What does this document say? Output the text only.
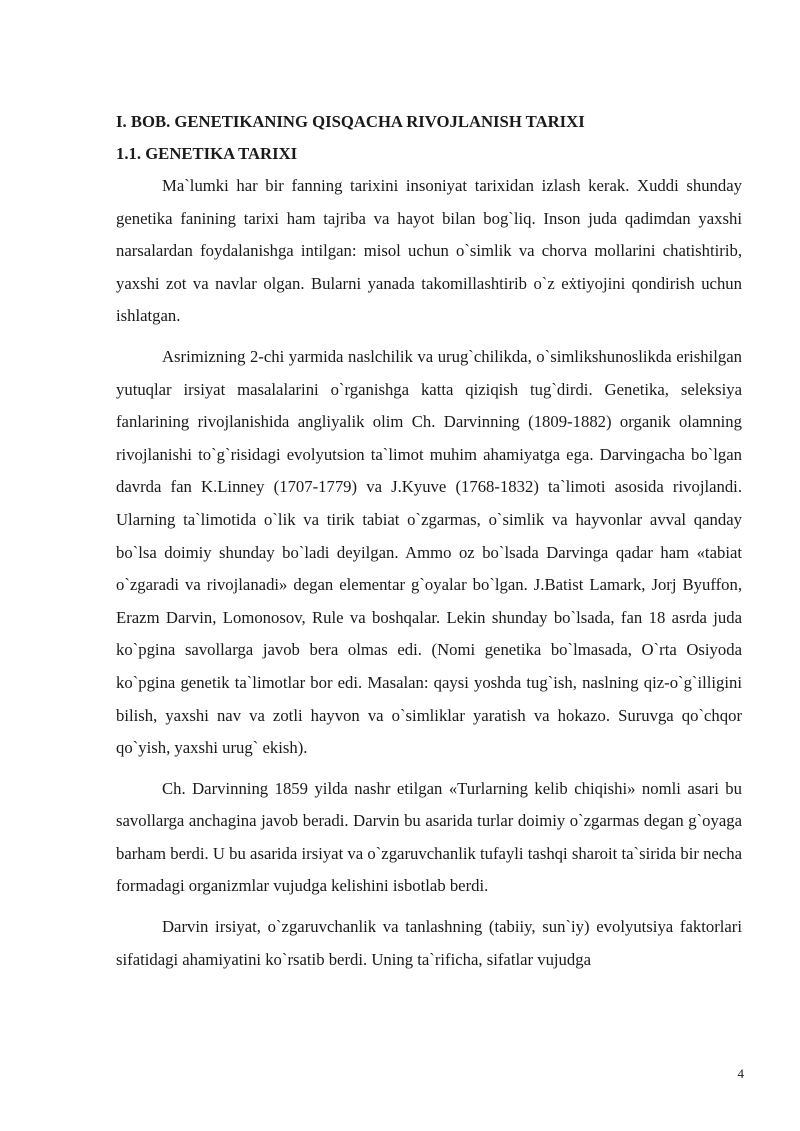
I. BOB. GENETIKANING QISQACHA RIVOJLANISH TARIXI

1.1. GENETIKA TARIXI

Ma`lumki har bir fanning tarixini insoniyat tarixidan izlash kerak. Xuddi shunday genetika fanining tarixi ham tajriba va hayot bilan bog`liq. Inson juda qadimdan yaxshi narsalardan foydalanishga intilgan: misol uchun o`simlik va chorva mollarini chatishtirib, yaxshi zot va navlar olgan. Bularni yanada takomillashtirib o`z eẋtiyojini qondirish uchun ishlatgan.

Asrimizning 2-chi yarmida naslchilik va urug`chilikda, o`simlikshunoslikda erishilgan yutuqlar irsiyat masalalarini o`rganishga katta qiziqish tug`dirdi. Genetika, seleksiya fanlarining rivojlanishida angliyalik olim Ch. Darvinning (1809-1882) organik olamning rivojlanishi to`g`risidagi evolyutsion ta`limot muhim ahamiyatga ega. Darvingacha bo`lgan davrda fan K.Linney (1707-1779) va J.Kyuve (1768-1832) ta`limoti asosida rivojlandi. Ularning ta`limotida o`lik va tirik tabiat o`zgarmas, o`simlik va hayvonlar avval qanday bo`lsa doimiy shunday bo`ladi deyilgan. Ammo oz bo`lsada Darvinga qadar ham «tabiat o`zgaradi va rivojlanadi» degan elementar g`oyalar bo`lgan. J.Batist Lamark, Jorj Byuffon, Erazm Darvin, Lomonosov, Rule va boshqalar. Lekin shunday bo`lsada, fan 18 asrda juda ko`pgina savollarga javob bera olmas edi. (Nomi genetika bo`lmasada, O`rta Osiyoda ko`pgina genetik ta`limotlar bor edi. Masalan: qaysi yoshda tug`ish, naslning qiz-o`g`illigini bilish, yaxshi nav va zotli hayvon va o`simliklar yaratish va hokazo. Suruvga qo`chqor qo`yish, yaxshi urug` ekish).

Ch. Darvinning 1859 yilda nashr etilgan «Turlarning kelib chiqishi» nomli asari bu savollarga anchagina javob beradi. Darvin bu asarida turlar doimiy o`zgarmas degan g`oyaga barham berdi. U bu asarida irsiyat va o`zgaruvchanlik tufayli tashqi sharoit ta`sirida bir necha formadagi organizmlar vujudga kelishini isbotlab berdi.

Darvin irsiyat, o`zgaruvchanlik va tanlashning (tabiiy, sun`iy) evolyutsiya faktorlari sifatidagi ahamiyatini ko`rsatib berdi. Uning ta`rificha, sifatlar vujudga

4
